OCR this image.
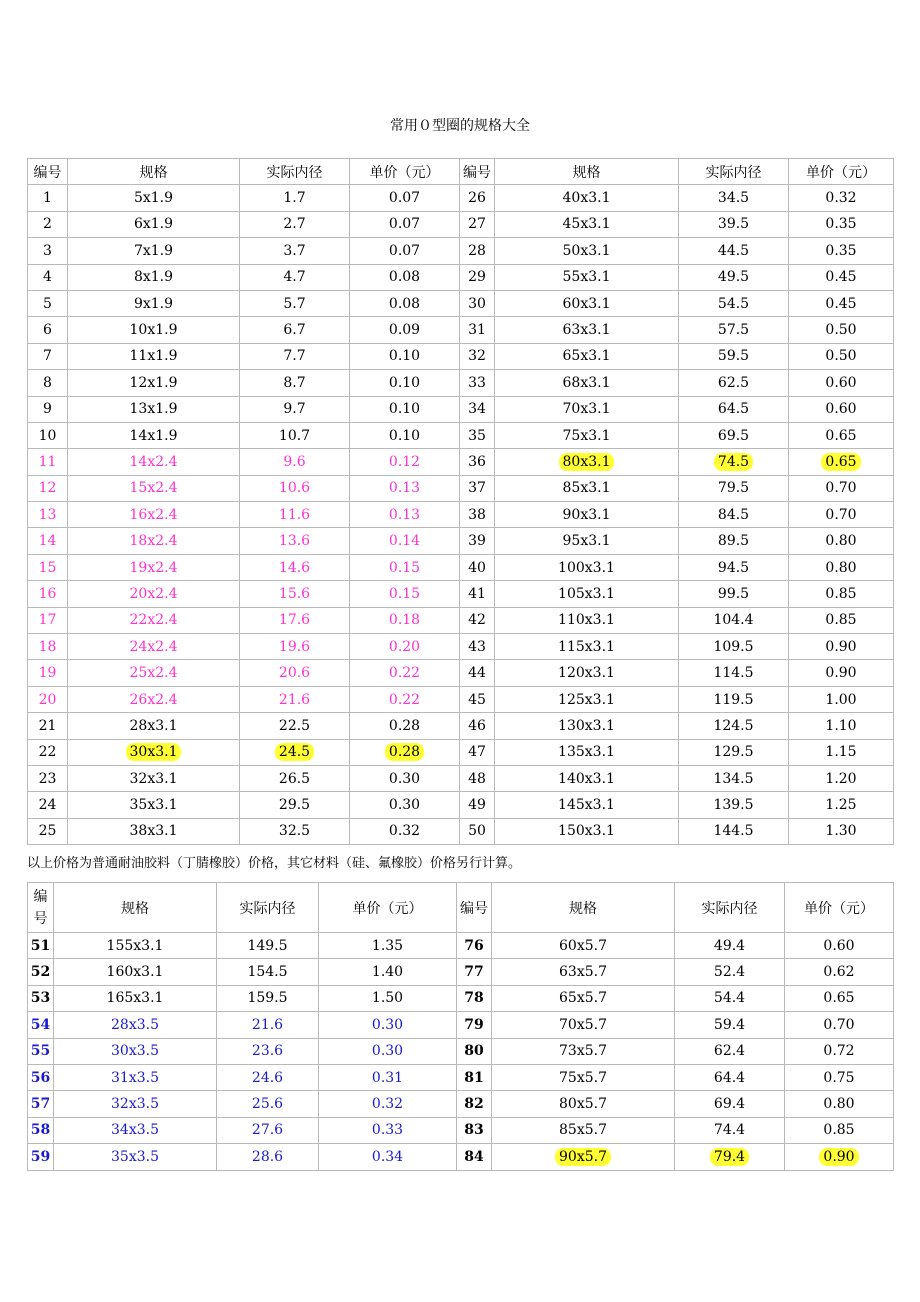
常用０型圈的规格大全
编号	规格	实际内径	单价（元）	编号	规格	实际内径	单价（元）
1	5x1.9	1.7	0.07	26	40x3.1	34.5	0.32
2	6x1.9	2.7	0.07	27	45x3.1	39.5	0.35
3	7x1.9	3.7	0.07	28	50x3.1	44.5	0.35
4	8x1.9	4.7	0.08	29	55x3.1	49.5	0.45
5	9x1.9	5.7	0.08	30	60x3.1	54.5	0.45
6	10x1.9	6.7	0.09	31	63x3.1	57.5	0.50
7	11x1.9	7.7	0.10	32	65x3.1	59.5	0.50
8	12x1.9	8.7	0.10	33	68x3.1	62.5	0.60
9	13x1.9	9.7	0.10	34	70x3.1	64.5	0.60
10	14x1.9	10.7	0.10	35	75x3.1	69.5	0.65
11	14x2.4	9.6	0.12	36	80x3.1	74.5	0.65
12	15x2.4	10.6	0.13	37	85x3.1	79.5	0.70
13	16x2.4	11.6	0.13	38	90x3.1	84.5	0.70
14	18x2.4	13.6	0.14	39	95x3.1	89.5	0.80
15	19x2.4	14.6	0.15	40	100x3.1	94.5	0.80
16	20x2.4	15.6	0.15	41	105x3.1	99.5	0.85
17	22x2.4	17.6	0.18	42	110x3.1	104.4	0.85
18	24x2.4	19.6	0.20	43	115x3.1	109.5	0.90
19	25x2.4	20.6	0.22	44	120x3.1	114.5	0.90
20	26x2.4	21.6	0.22	45	125x3.1	119.5	1.00
21	28x3.1	22.5	0.28	46	130x3.1	124.5	1.10
22	30x3.1	24.5	0.28	47	135x3.1	129.5	1.15
23	32x3.1	26.5	0.30	48	140x3.1	134.5	1.20
24	35x3.1	29.5	0.30	49	145x3.1	139.5	1.25
25	38x3.1	32.5	0.32	50	150x3.1	144.5	1.30
以上价格为普通耐油胶料（丁腈橡胶）价格，其它材料（硅、氟橡胶）价格另行计算。
编号	规格	实际内径	单价（元）	编号	规格	实际内径	单价（元）
51	155x3.1	149.5	1.35	76	60x5.7	49.4	0.60
52	160x3.1	154.5	1.40	77	63x5.7	52.4	0.62
53	165x3.1	159.5	1.50	78	65x5.7	54.4	0.65
54	28x3.5	21.6	0.30	79	70x5.7	59.4	0.70
55	30x3.5	23.6	0.30	80	73x5.7	62.4	0.72
56	31x3.5	24.6	0.31	81	75x5.7	64.4	0.75
57	32x3.5	25.6	0.32	82	80x5.7	69.4	0.80
58	34x3.5	27.6	0.33	83	85x5.7	74.4	0.85
59	35x3.5	28.6	0.34	84	90x5.7	79.4	0.90
